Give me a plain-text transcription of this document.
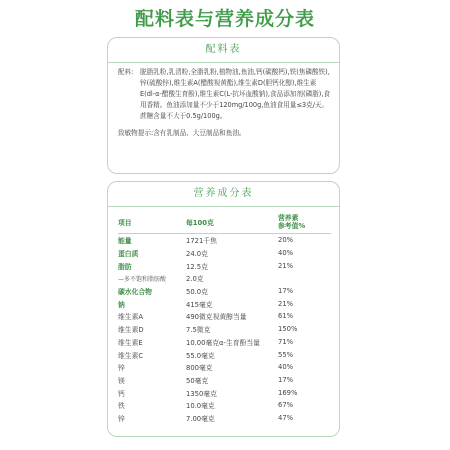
配料表与营养成分表
配料表
配料: 脱脂乳粉,乳清粉,全脂乳粉,植物油,鱼油,钙(碳酸钙),铁(焦磷酸铁),锌(硫酸锌),维生素A(醋酸视黄酯),维生素D(胆钙化醇),维生素E(dl-α-醋酸生育酚),维生素C(L-抗坏血酸钠),食品添加剂(磷脂),食用香精。鱼油添加量不少于120mg/100g,鱼油食用量≤3克/天。蔗糖含量不大于0.5g/100g。
致敏物提示:含有乳制品、大豆制品和鱼油。
营养成分表
项目	每100克
营养素
参考值%
能量	1721千焦	20%
蛋白质	24.0克	40%
脂肪	12.5克	21%
—多不饱和脂肪酸	2.0克
碳水化合物	50.0克	17%
钠	415毫克	21%
维生素A	490微克视黄醇当量	61%
维生素D	7.5微克	150%
维生素E	10.00毫克α-生育酚当量	71%
维生素C	55.0毫克	55%
锌	800毫克	40%
镁	50毫克	17%
钙	1350毫克	169%
铁	10.0毫克	67%
锌	7.00毫克	47%
